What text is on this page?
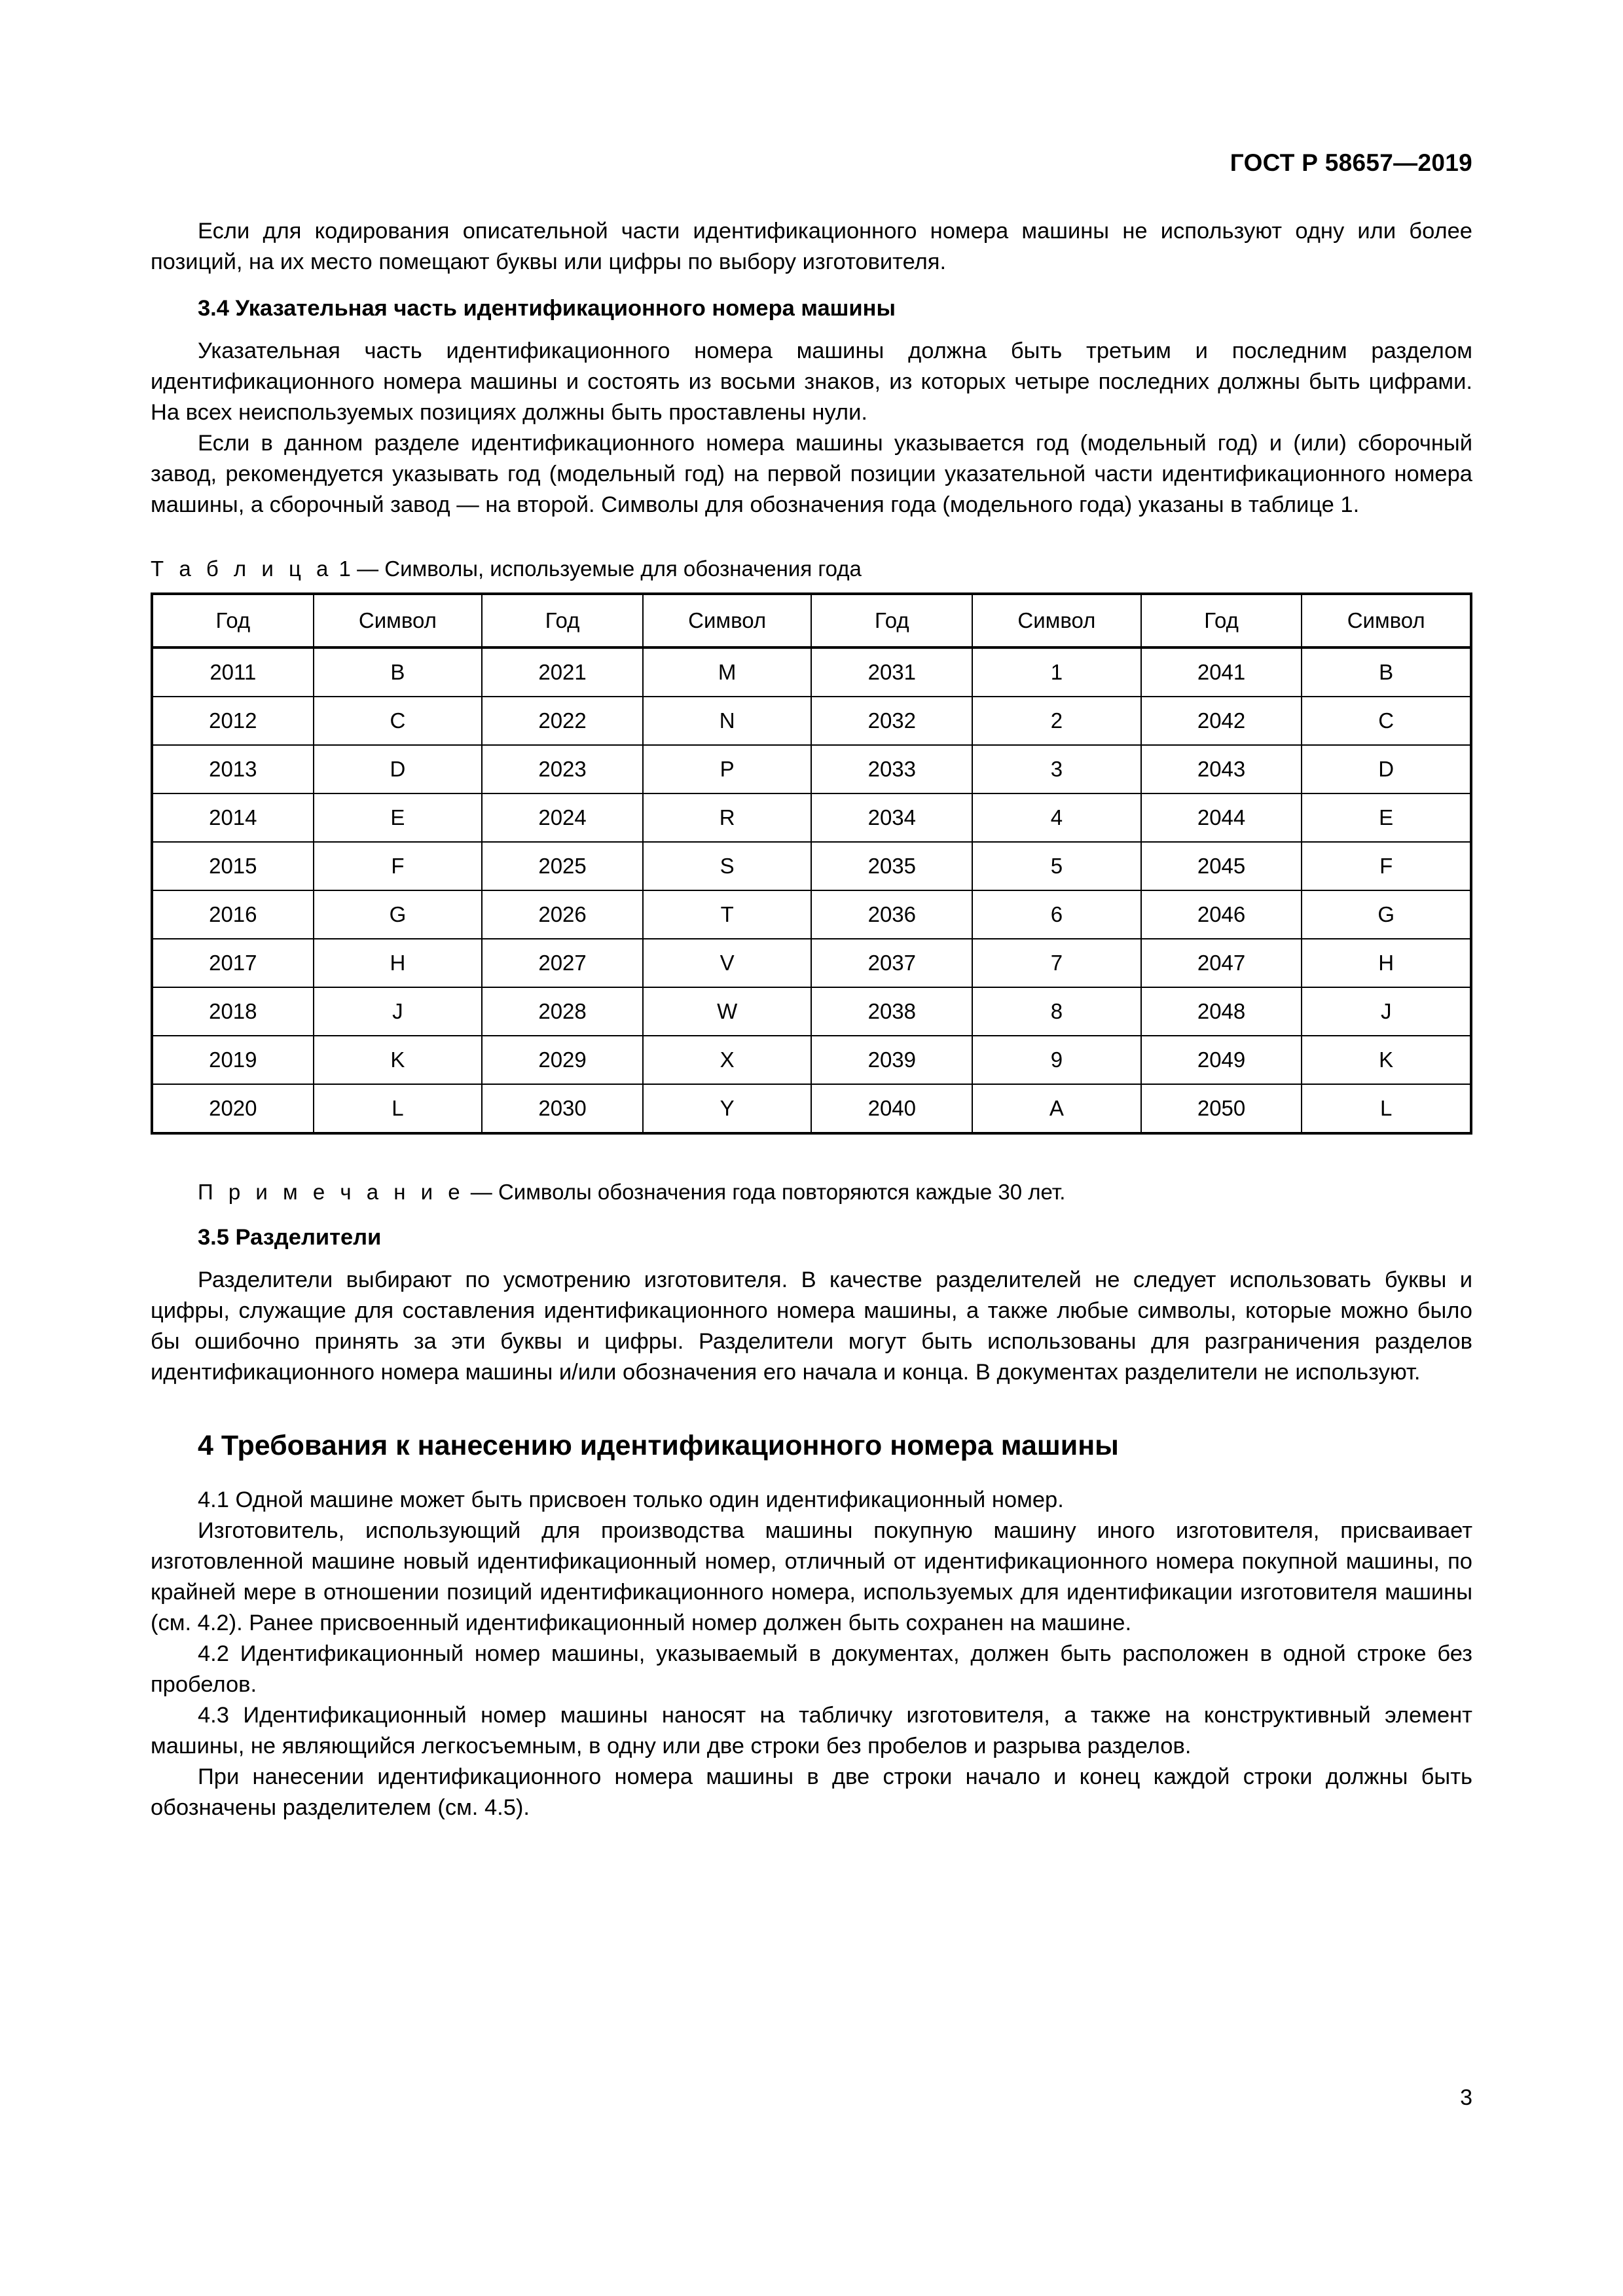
ГОСТ Р 58657—2019

Если для кодирования описательной части идентификационного номера машины не используют одну или более позиций, на их место помещают буквы или цифры по выбору изготовителя.

3.4 Указательная часть идентификационного номера машины

Указательная часть идентификационного номера машины должна быть третьим и последним разделом идентификационного номера машины и состоять из восьми знаков, из которых четыре последних должны быть цифрами. На всех неиспользуемых позициях должны быть проставлены нули.

Если в данном разделе идентификационного номера машины указывается год (модельный год) и (или) сборочный завод, рекомендуется указывать год (модельный год) на первой позиции указательной части идентификационного номера машины, а сборочный завод — на второй. Символы для обозначения года (модельного года) указаны в таблице 1.

Т а б л и ц а 1 — Символы, используемые для обозначения года
Год	Символ	Год	Символ	Год	Символ	Год	Символ
2011	B	2021	M	2031	1	2041	B
2012	C	2022	N	2032	2	2042	C
2013	D	2023	P	2033	3	2043	D
2014	E	2024	R	2034	4	2044	E
2015	F	2025	S	2035	5	2045	F
2016	G	2026	T	2036	6	2046	G
2017	H	2027	V	2037	7	2047	H
2018	J	2028	W	2038	8	2048	J
2019	K	2029	X	2039	9	2049	K
2020	L	2030	Y	2040	A	2050	L
П р и м е ч а н и е — Символы обозначения года повторяются каждые 30 лет.
3.5 Разделители

Разделители выбирают по усмотрению изготовителя. В качестве разделителей не следует использовать буквы и цифры, служащие для составления идентификационного номера машины, а также любые символы, которые можно было бы ошибочно принять за эти буквы и цифры. Разделители могут быть использованы для разграничения разделов идентификационного номера машины и/или обозначения его начала и конца. В документах разделители не используют.

4 Требования к нанесению идентификационного номера машины

4.1 Одной машине может быть присвоен только один идентификационный номер.

Изготовитель, использующий для производства машины покупную машину иного изготовителя, присваивает изготовленной машине новый идентификационный номер, отличный от идентификационного номера покупной машины, по крайней мере в отношении позиций идентификационного номера, используемых для идентификации изготовителя машины (см. 4.2). Ранее присвоенный идентификационный номер должен быть сохранен на машине.

4.2 Идентификационный номер машины, указываемый в документах, должен быть расположен в одной строке без пробелов.

4.3 Идентификационный номер машины наносят на табличку изготовителя, а также на конструктивный элемент машины, не являющийся легкосъемным, в одну или две строки без пробелов и разрыва разделов.

При нанесении идентификационного номера машины в две строки начало и конец каждой строки должны быть обозначены разделителем (см. 4.5).

3
